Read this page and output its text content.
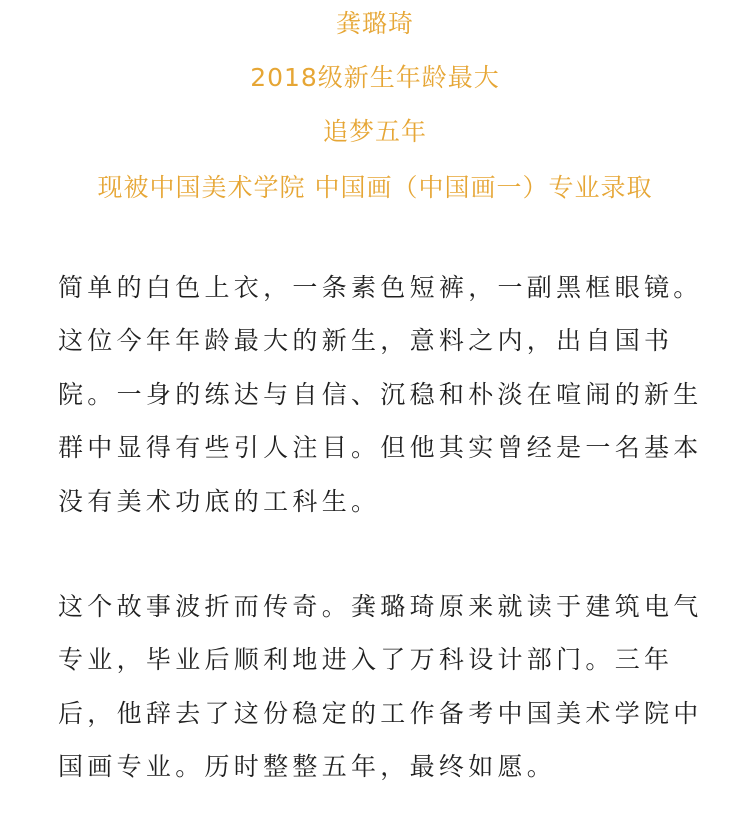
龚璐琦
2018级新生年龄最大
追梦五年
现被中国美术学院 中国画（中国画一）专业录取
简单的白色上衣，一条素色短裤，一副黑框眼镜。
这位今年年龄最大的新生，意料之内，出自国书
院。一身的练达与自信、沉稳和朴淡在喧闹的新生
群中显得有些引人注目。但他其实曾经是一名基本
没有美术功底的工科生。
这个故事波折而传奇。龚璐琦原来就读于建筑电气
专业，毕业后顺利地进入了万科设计部门。三年
后，他辞去了这份稳定的工作备考中国美术学院中
国画专业。历时整整五年，最终如愿。
